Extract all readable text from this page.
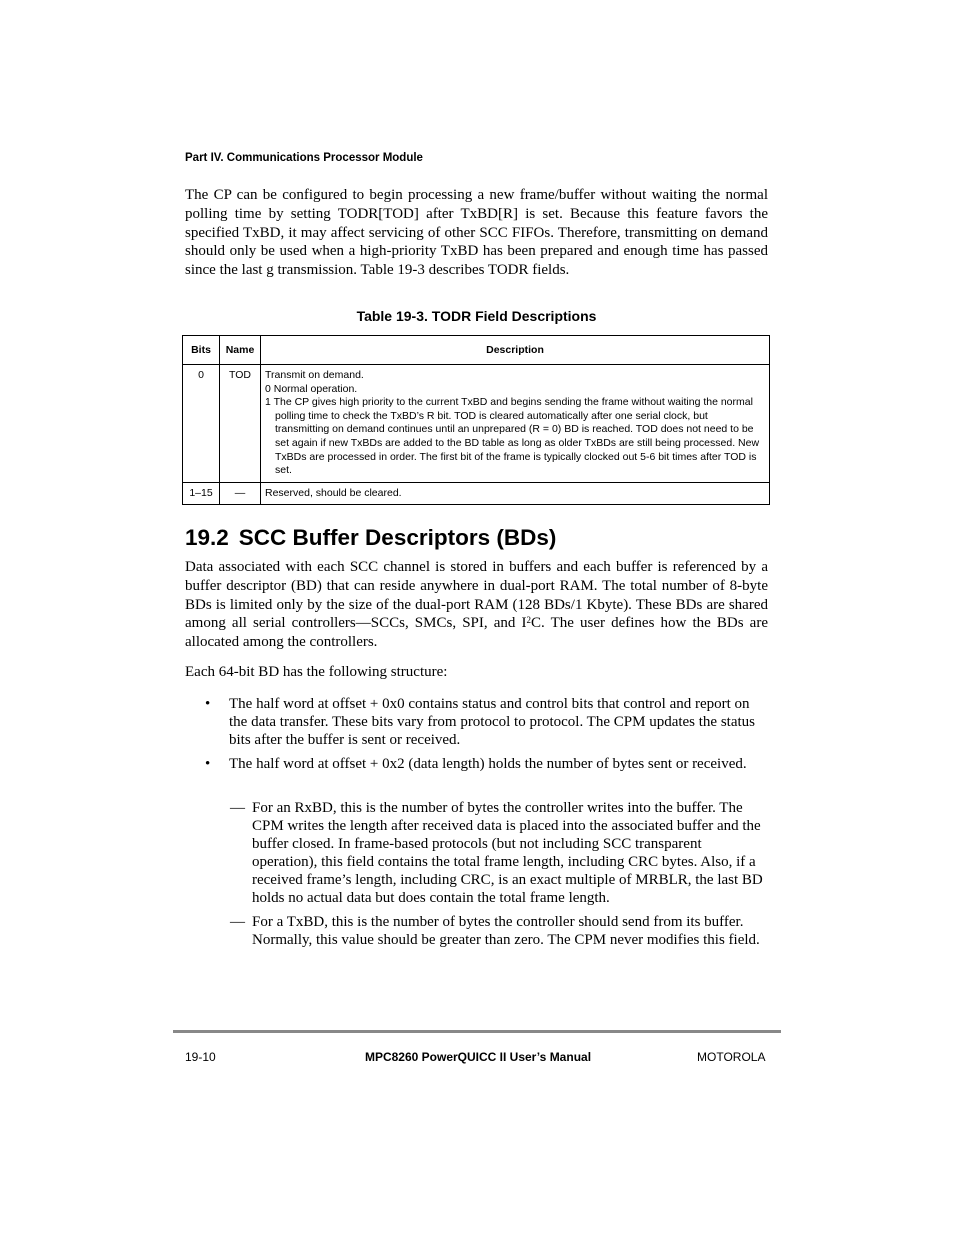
Part IV. Communications Processor Module

The CP can be configured to begin processing a new frame/buffer without waiting the normal polling time by setting TODR[TOD] after TxBD[R] is set. Because this feature favors the specified TxBD, it may affect servicing of other SCC FIFOs. Therefore, transmitting on demand should only be used when a high-priority TxBD has been prepared and enough time has passed since the last g transmission. Table 19-3 describes TODR fields.

Table 19-3. TODR Field Descriptions
Bits	Name	Description
0	TOD	Transmit on demand.
0 Normal operation.
1 The CP gives high priority to the current TxBD and begins sending the frame without waiting the normal polling time to check the TxBD’s R bit. TOD is cleared automatically after one serial clock, but transmitting on demand continues until an unprepared (R = 0) BD is reached. TOD does not need to be set again if new TxBDs are added to the BD table as long as older TxBDs are still being processed. New TxBDs are processed in order. The first bit of the frame is typically clocked out 5-6 bit times after TOD is set.

1–15	—	Reserved, should be cleared.
19.2 SCC Buffer Descriptors (BDs)

Data associated with each SCC channel is stored in buffers and each buffer is referenced by a buffer descriptor (BD) that can reside anywhere in dual-port RAM. The total number of 8-byte BDs is limited only by the size of the dual-port RAM (128 BDs/1 Kbyte). These BDs are shared among all serial controllers—SCCs, SMCs, SPI, and $I^2C$. The user defines how the BDs are allocated among the controllers.

Each 64-bit BD has the following structure:

• The half word at offset + 0x0 contains status and control bits that control and report on the data transfer. These bits vary from protocol to protocol. The CPM updates the status bits after the buffer is sent or received.
• The half word at offset + 0x2 (data length) holds the number of bytes sent or received.
— For an RxBD, this is the number of bytes the controller writes into the buffer. The CPM writes the length after received data is placed into the associated buffer and the buffer closed. In frame-based protocols (but not including SCC transparent operation), this field contains the total frame length, including CRC bytes. Also, if a received frame’s length, including CRC, is an exact multiple of MRBLR, the last BD holds no actual data but does contain the total frame length.
— For a TxBD, this is the number of bytes the controller should send from its buffer. Normally, this value should be greater than zero. The CPM never modifies this field.
19-10	MPC8260 PowerQUICC II User’s Manual	MOTOROLA
